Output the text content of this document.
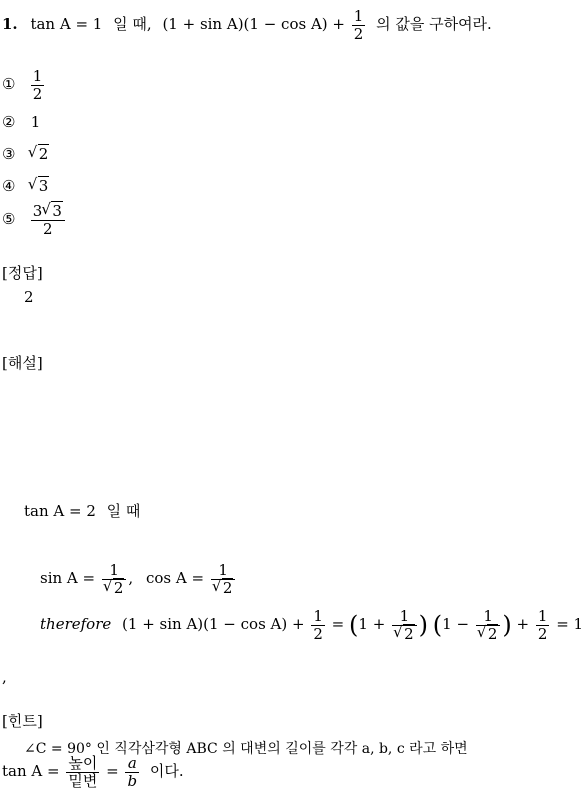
1. tan A = 1 일 때, $(1 + \sin A)(1 - \cos A) + \frac{1}{2}$ 의 값을 구하여라.
① $\frac{1}{2}$
② 1
③ √ 2
④ √ 3
⑤ $\frac{3 √ 3}{2}$
[정답]
2
[해설]
tan A = 2 일 때
sin A = 1
√ 2 , cos A = 1
√ 2
therefore $(1 + \sin A)(1 - \cos A) + \frac{1}{2} = (1 + 1$
√ 2 ) (1 − 1
√ 2 ) + $\frac{1}{2} = 1$
,
[힌트]
∠C = 90° 인 직각삼각형 ABC 의 대변의 길이를 각각 a, b, c 라고 하면
$\tan A = \frac{\text{높이}}{\text{밑변}} = \frac{a}{b}$ 이다.
